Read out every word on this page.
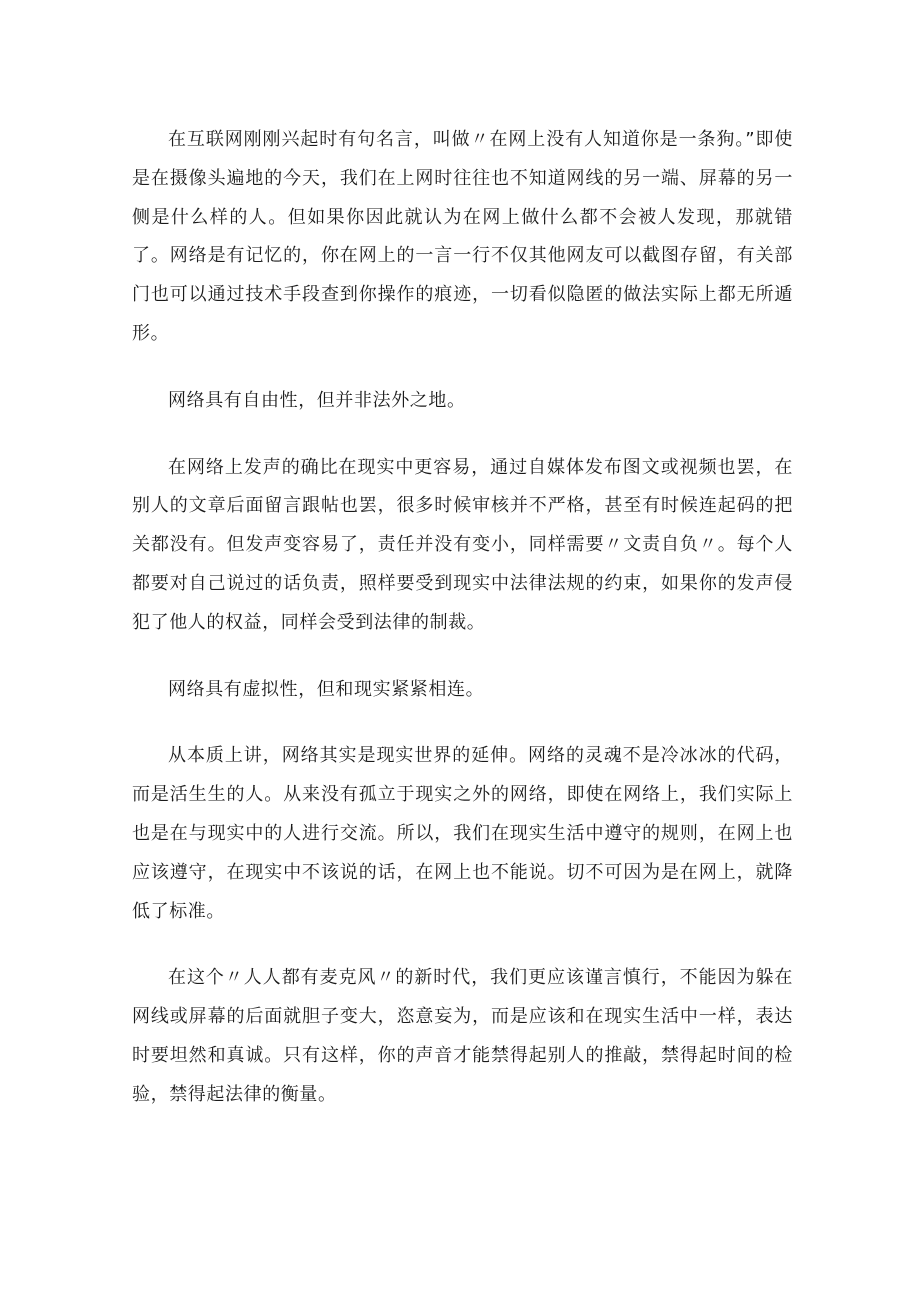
在互联网刚刚兴起时有句名言，叫做〃在网上没有人知道你是一条狗。”即使是在摄像头遍地的今天，我们在上网时往往也不知道网线的另一端、屏幕的另一侧是什么样的人。但如果你因此就认为在网上做什么都不会被人发现，那就错了。网络是有记忆的，你在网上的一言一行不仅其他网友可以截图存留，有关部门也可以通过技术手段查到你操作的痕迹，一切看似隐匿的做法实际上都无所遁形。

网络具有自由性，但并非法外之地。

在网络上发声的确比在现实中更容易，通过自媒体发布图文或视频也罢，在别人的文章后面留言跟帖也罢，很多时候审核并不严格，甚至有时候连起码的把关都没有。但发声变容易了，责任并没有变小，同样需要〃文责自负〃。每个人都要对自己说过的话负责，照样要受到现实中法律法规的约束，如果你的发声侵犯了他人的权益，同样会受到法律的制裁。

网络具有虚拟性，但和现实紧紧相连。

从本质上讲，网络其实是现实世界的延伸。网络的灵魂不是冷冰冰的代码，而是活生生的人。从来没有孤立于现实之外的网络，即使在网络上，我们实际上也是在与现实中的人进行交流。所以，我们在现实生活中遵守的规则，在网上也应该遵守，在现实中不该说的话，在网上也不能说。切不可因为是在网上，就降低了标准。

在这个〃人人都有麦克风〃的新时代，我们更应该谨言慎行，不能因为躲在网线或屏幕的后面就胆子变大，恣意妄为，而是应该和在现实生活中一样，表达时要坦然和真诚。只有这样，你的声音才能禁得起别人的推敲，禁得起时间的检验，禁得起法律的衡量。
